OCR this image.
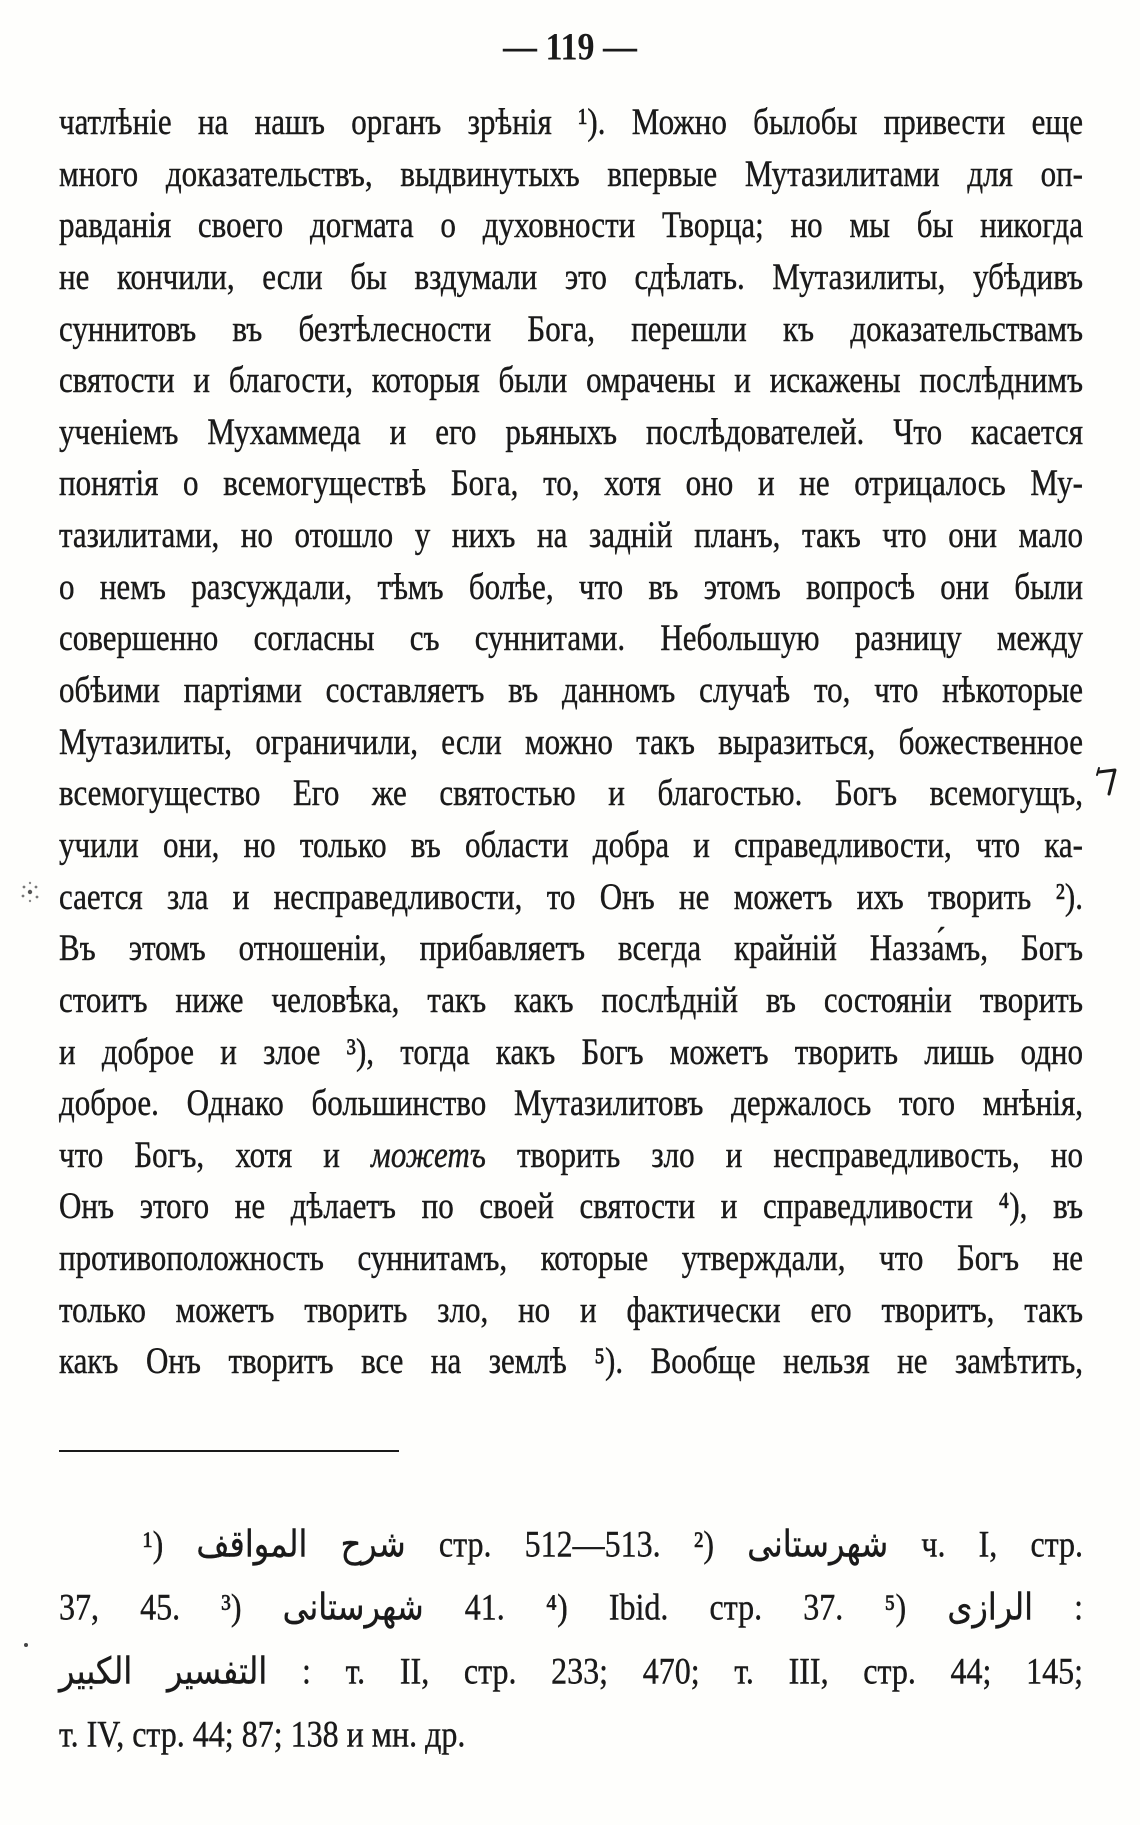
— 119 —
чатлѣніе на нашъ органъ зрѣнія ¹). Можно былобы привести еще
много доказательствъ, выдвинутыхъ впервые Мутазилитами для оп-
равданія своего догмата о духовности Творца; но мы бы никогда
не кончили, если бы вздумали это сдѣлать. Мутазилиты, убѣдивъ
суннитовъ въ безтѣлесности Бога, перешли къ доказательствамъ
святости и благости, которыя были омрачены и искажены послѣднимъ
ученіемъ Мухаммеда и его рьяныхъ послѣдователей. Что касается
понятія о всемогуществѣ Бога, то, хотя оно и не отрицалось Му-
тазилитами, но отошло у нихъ на задній планъ, такъ что они мало
о немъ разсуждали, тѣмъ болѣе, что въ этомъ вопросѣ они были
совершенно согласны съ суннитами. Небольшую разницу между
обѣими партіями составляетъ въ данномъ случаѣ то, что нѣкоторые
Мутазилиты, ограничили, если можно такъ выразиться, божественное
всемогущество Его же святостью и благостью. Богъ всемогущъ,
учили они, но только въ области добра и справедливости, что ка-
сается зла и несправедливости, то Онъ не можетъ ихъ творить ²).
Въ этомъ отношеніи, прибавляетъ всегда крайній Назза́мъ, Богъ
стоитъ ниже человѣка, такъ какъ послѣдній въ состояніи творить
и доброе и злое ³), тогда какъ Богъ можетъ творить лишь одно
доброе. Однако большинство Мутазилитовъ держалось того мнѣнія,
что Богъ, хотя и можетъ творить зло и несправедливость, но
Онъ этого не дѣлаетъ по своей святости и справедливости ⁴), въ
противоположность суннитамъ, которые утверждали, что Богъ не
только можетъ творить зло, но и фактически его творитъ, такъ
какъ Онъ творитъ все на землѣ ⁵). Вообще нельзя не замѣтить,
¹) شرح المواقف‎ стр. 512—513. ²) شهرستانى‎ ч. I, стр.
37, 45. ³) شهرستانى‎ 41. ⁴) Ibid. стр. 37. ⁵) الرازى‎ :
التفسير الكبير‎ : т. II, стр. 233; 470; т. III, стр. 44; 145;
т. IV, стр. 44; 87; 138 и мн. др.
